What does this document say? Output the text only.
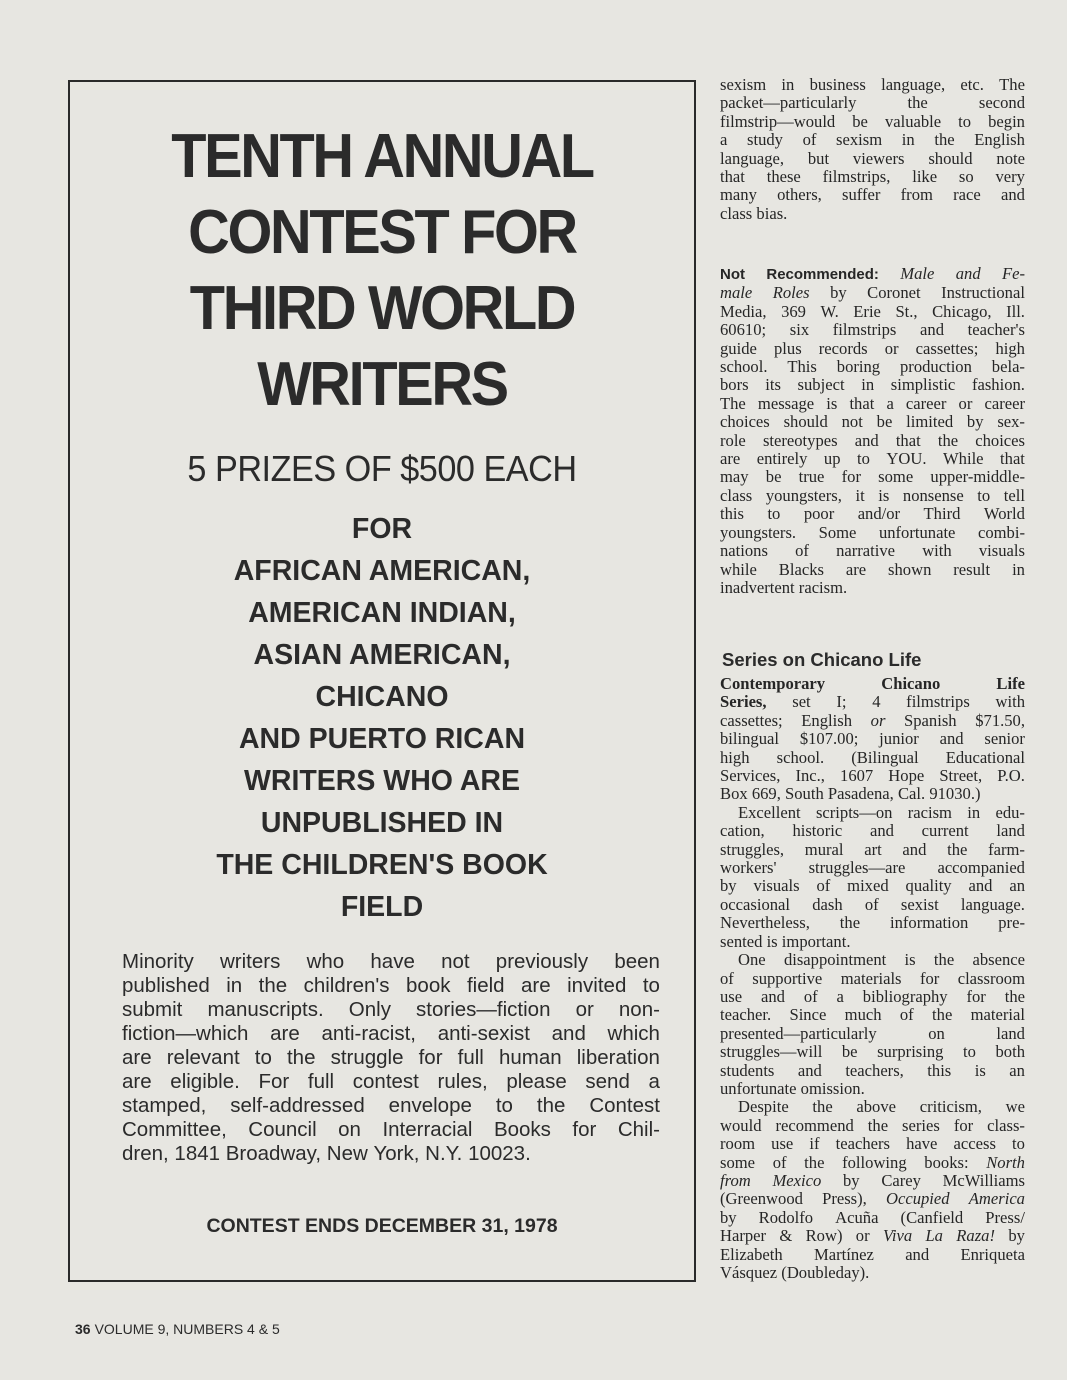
TENTH ANNUAL
CONTEST FOR
THIRD WORLD
WRITERS
5 PRIZES OF $500 EACH
FOR
AFRICAN AMERICAN,
AMERICAN INDIAN,
ASIAN AMERICAN,
CHICANO
AND PUERTO RICAN
WRITERS WHO ARE
UNPUBLISHED IN
THE CHILDREN'S BOOK
FIELD
Minority writers who have not previously been
published in the children's book field are invited to
submit manuscripts. Only stories—fiction or non-
fiction—which are anti-racist, anti-sexist and which
are relevant to the struggle for full human liberation
are eligible. For full contest rules, please send a
stamped, self-addressed envelope to the Contest
Committee, Council on Interracial Books for Chil-
dren, 1841 Broadway, New York, N.Y. 10023.
CONTEST ENDS DECEMBER 31, 1978
sexism in business language, etc. The
packet—particularly	the	second
filmstrip—would be valuable to begin
a study of sexism in the English
language, but viewers should note
that these filmstrips, like so very
many others, suffer from race and
class bias.
Not Recommended: Male and Fe-
male Roles by Coronet Instructional
Media, 369 W. Erie St., Chicago, Ill.
60610; six filmstrips and teacher's
guide plus records or cassettes; high
school. This boring production bela-
bors its subject in simplistic fashion.
The message is that a career or career
choices should not be limited by sex-
role stereotypes and that the choices
are entirely up to YOU. While that
may be true for some upper-middle-
class youngsters, it is nonsense to tell
this to poor and/or Third World
youngsters. Some unfortunate combi-
nations of narrative with visuals
while Blacks are shown result in
inadvertent racism.
Series on Chicano Life
Contemporary	Chicano	Life
Series, set I; 4 filmstrips with
cassettes; English or Spanish $71.50,
bilingual $107.00; junior and senior
high school. (Bilingual Educational
Services, Inc., 1607 Hope Street, P.O.
Box 669, South Pasadena, Cal. 91030.)
Excellent scripts—on racism in edu-
cation, historic and current land
struggles, mural art and the farm-
workers' struggles—are accompanied
by visuals of mixed quality and an
occasional dash of sexist language.
Nevertheless, the information pre-
sented is important.
One disappointment is the absence
of supportive materials for classroom
use and of a bibliography for the
teacher. Since much of the material
presented—particularly	on	land
struggles—will be surprising to both
students and teachers, this is an
unfortunate omission.
Despite the above criticism, we
would recommend the series for class-
room use if teachers have access to
some of the following books: North
from Mexico by Carey McWilliams
(Greenwood Press), Occupied America
by Rodolfo Acuña (Canfield Press/
Harper & Row) or Viva La Raza! by
Elizabeth Martínez and Enriqueta
Vásquez (Doubleday).
36 VOLUME 9, NUMBERS 4 & 5
